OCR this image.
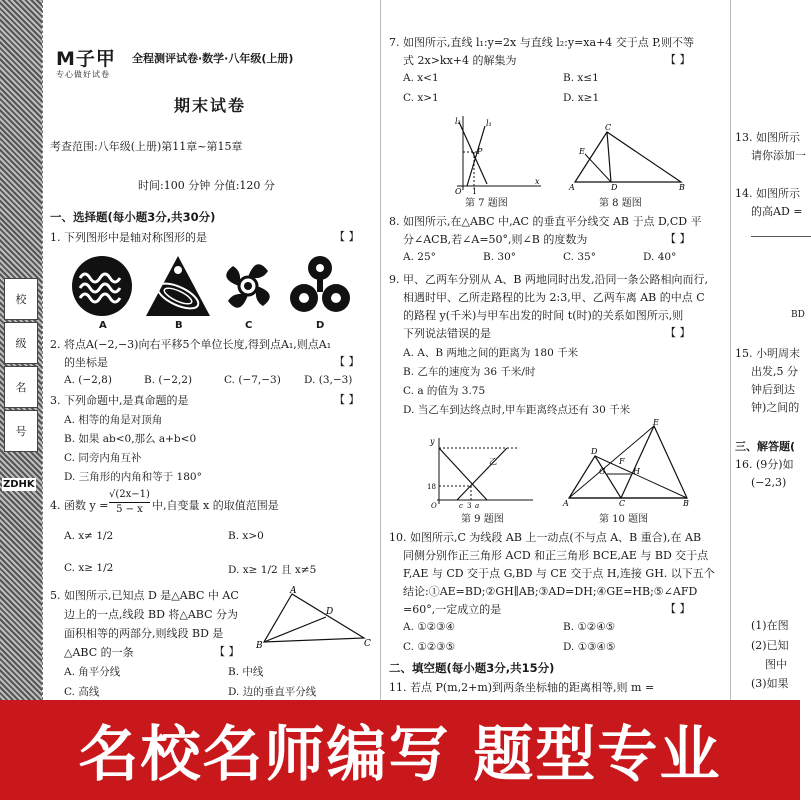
校
级
名
号
ZDHK
M子甲
专心做好试卷
全程测评试卷·数学·八年级(上册)
期末试卷
考查范围:八年级(上册)第11章~第15章
时间:100 分钟 分值:120 分
一、选择题(每小题3分,共30分)
1. 下列图形中是轴对称图形的是	【 】
A	B	C	D
2. 将点A(−2,−3)向右平移5个单位长度,得到点A₁,则点A₁
的坐标是	【 】
A. (−2,8)	B. (−2,2)	C. (−7,−3) D. (3,−3)
3. 下列命题中,是真命题的是	【 】
A. 相等的角是对顶角
B. 如果 ab<0,那么 a+b<0
C. 同旁内角互补
D. 三角形的内角和等于 180°
4. 函数 $y = \frac{√(2x-1)}{5 - x}$ 中,自变量 x 的取值范围是
A. x≠ 1/2	B. x>0
C. x≥ 1/2	D. x≥ 1/2 且 x≠5
5. 如图所示,已知点 D 是△ABC 中 AC
边上的一点,线段 BD 将△ABC 分为
面积相等的两部分,则线段 BD 是
△ABC 的一条	【 】
A
B	C
D
A. 角平分线	B. 中线
C. 高线	D. 边的垂直平分线
7. 如图所示,直线 l₁:y=2x 与直线 l₂:y=xa+4 交于点 P,则不等
式 2x>kx+4 的解集为	【 】
A. x<1	B. x≤1
C. x>1	D. x≥1
l₂	l₁
P
O 1
x
第 7 题图
C
A	D	B
E
第 8 题图
8. 如图所示,在△ABC 中,AC 的垂直平分线交 AB 于点 D,CD 平
分∠ACB,若∠A=50°,则∠B 的度数为	【 】
A. 25°	B. 30°	C. 35°	D. 40°
9. 甲、乙两车分别从 A、B 两地同时出发,沿同一条公路相向而行,
相遇时甲、乙所走路程的比为 2:3,甲、乙两车离 AB 的中点 C
的路程 y(千米)与甲车出发的时间 t(时)的关系如图所示,则
下列说法错误的是	【 】
A. A、B 两地之间的距离为 180 千米
B. 乙车的速度为 36 千米/时
C. a 的值为 3.75
D. 当乙车到达终点时,甲车距离终点还有 30 千米
y
乙
18
c 3 a
O
第 9 题图
E
D
F
G	H
A	C	B
第 10 题图
10. 如图所示,C 为线段 AB 上一动点(不与点 A、B 重合),在 AB
同侧分别作正三角形 ACD 和正三角形 BCE,AE 与 BD 交于点
F,AE 与 CD 交于点 G,BD 与 CE 交于点 H,连接 GH. 以下五个
结论:①AE=BD;②GH∥AB;③AD=DH;④GE=HB;⑤∠AFD
=60°,一定成立的是	【 】
A. ①②③④	B. ①②④⑤
C. ①②③⑤	D. ①③④⑤
二、填空题(每小题3分,共15分)
11. 若点 P(m,2+m)到两条坐标轴的距离相等,则 m =
13. 如图所示
请你添加一
14. 如图所示
的高AD =
BD
15. 小明周末
出发,5 分
钟后到达
钟)之间的
三、解答题(
16. (9分)如
(−2,3)
(1)在图
(2)已知
图中
(3)如果
名校名师编写 题型专业
